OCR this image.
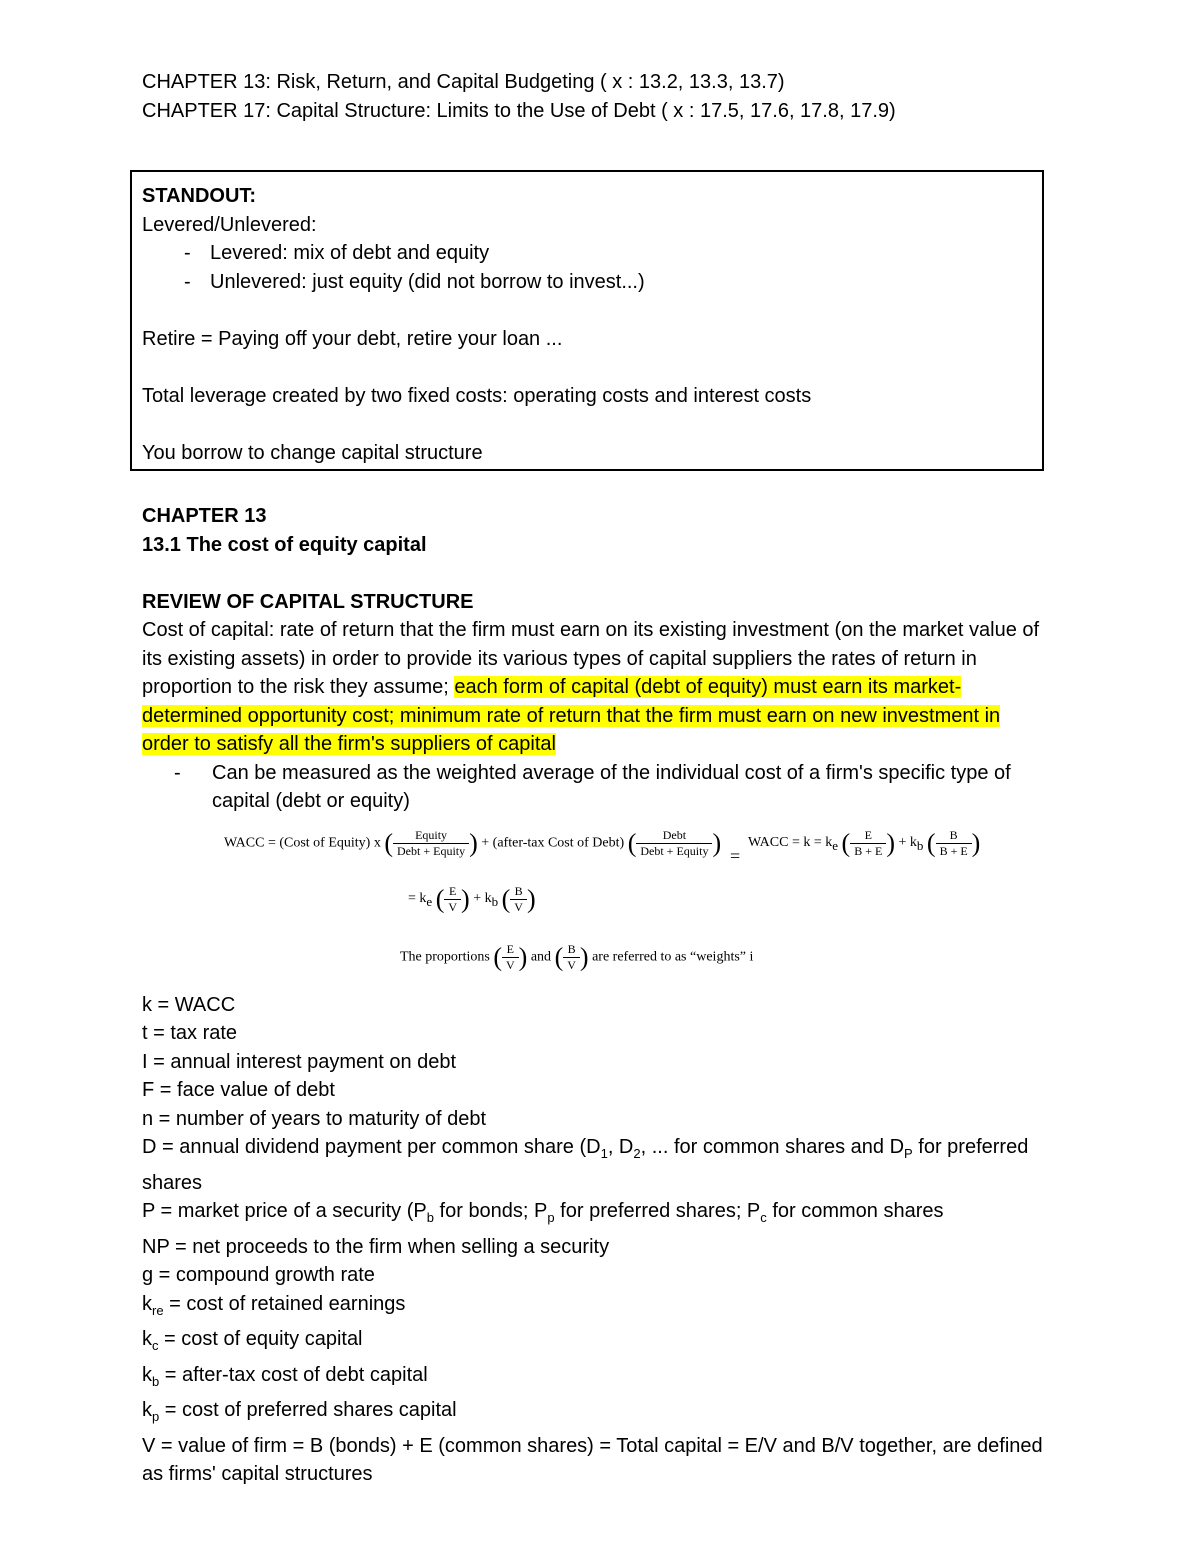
CHAPTER 13: Risk, Return, and Capital Budgeting ( x : 13.2, 13.3, 13.7)
CHAPTER 17: Capital Structure: Limits to the Use of Debt ( x : 17.5, 17.6, 17.8, 17.9)
STANDOUT:
Levered/Unlevered:
- Levered: mix of debt and equity
- Unlevered: just equity (did not borrow to invest...)
Retire = Paying off your debt, retire your loan ...
Total leverage created by two fixed costs: operating costs and interest costs
You borrow to change capital structure
CHAPTER 13
13.1 The cost of equity capital
REVIEW OF CAPITAL STRUCTURE
Cost of capital: rate of return that the firm must earn on its existing investment (on the market value of its existing assets) in order to provide its various types of capital suppliers the rates of return in proportion to the risk they assume; each form of capital (debt of equity) must earn its market-determined opportunity cost; minimum rate of return that the firm must earn on new investment in order to satisfy all the firm's suppliers of capital
- Can be measured as the weighted average of the individual cost of a firm's specific type of capital (debt or equity)
WACC = (Cost of Equity) x ( $\frac{\text{Equity}}{\text{Debt + Equity}}$ ) + (after-tax Cost of Debt) ( $\frac{\text{Debt}}{\text{Debt + Equity}}$ ) =
WACC = $k = k_e$ ( $\frac{E}{B + E}$ ) + $k_b$ ( $\frac{B}{B + E}$ )
= $k_e$ ( $\frac{E}{V}$ ) + $k_b$ ( $\frac{B}{V}$ )
The proportions ( $\frac{E}{V}$ ) and ( $\frac{B}{V}$ ) are referred to as “weights” i
k = WACC
t = tax rate
I = annual interest payment on debt
F = face value of debt
n = number of years to maturity of debt
D = annual dividend payment per common share ($D_1$, $D_2$, ... for common shares and $D_P$ for preferred shares
P = market price of a security ($P_b$ for bonds; $P_p$ for preferred shares; $P_c$ for common shares
NP = net proceeds to the firm when selling a security
g = compound growth rate
$k_{re} = \cos t$ of retained earnings
$k_c = \cos t$ of equity capital
$k_b$ = after-tax cost of debt capital
$k_p = \cos t$ of preferred shares capital
V = value of firm = B (bonds) + E (common shares) = Total capital = E/V and B/V together, are defined as firms' capital structures
